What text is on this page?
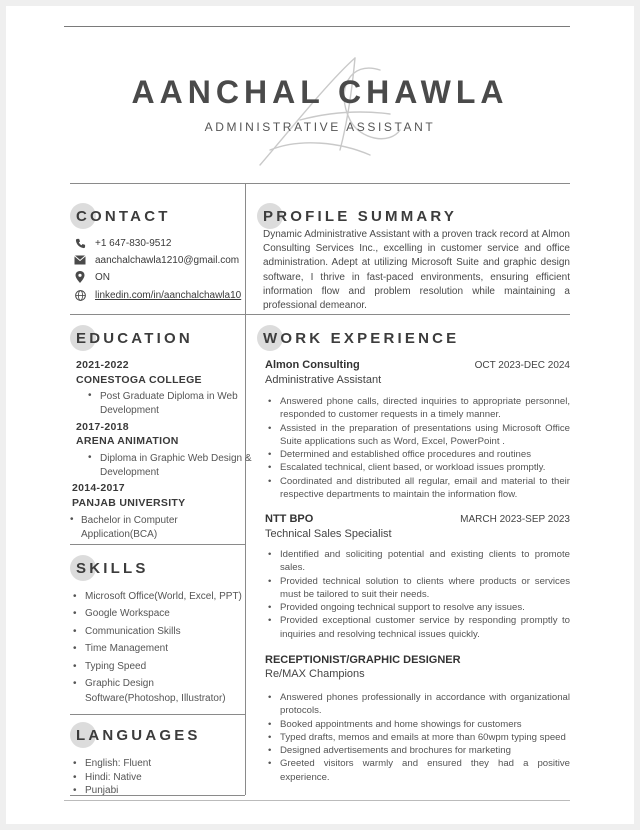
AANCHAL CHAWLA
ADMINISTRATIVE ASSISTANT
CONTACT
+1 647-830-9512
aanchalchawla1210@gmail.com
ON
linkedin.com/in/aanchalchawla10
EDUCATION
2021-2022
CONESTOGA COLLEGE
• Post Graduate Diploma in Web
Development
2017-2018
ARENA ANIMATION
• Diploma in Graphic Web Design &
Development
2014-2017
PANJAB UNIVERSITY
• Bachelor in Computer
Application(BCA)
SKILLS
• Microsoft Office(World, Excel, PPT)
• Google Workspace
• Communication Skills
• Time Management
• Typing Speed
• Graphic Design
Software(Photoshop, Illustrator)
LANGUAGES
• English: Fluent
• Hindi: Native
• Punjabi
PROFILE SUMMARY
Dynamic Administrative Assistant with a proven track record at Almon Consulting Services Inc., excelling in customer service and office administration. Adept at utilizing Microsoft Suite and graphic design software, I thrive in fast-paced environments, ensuring efficient information flow and problem resolution while maintaining a professional demeanor.
WORK EXPERIENCE
Almon Consulting	OCT 2023-DEC 2024
Administrative Assistant
• Answered phone calls, directed inquiries to appropriate personnel, responded to customer requests in a timely manner.
• Assisted in the preparation of presentations using Microsoft Office Suite applications such as Word, Excel, PowerPoint .
• Determined and established office procedures and routines
• Escalated technical, client based, or workload issues promptly.
• Coordinated and distributed all regular, email and material to their respective departments to maintain the information flow.
NTT BPO	MARCH 2023-SEP 2023
Technical Sales Specialist
• Identified and soliciting potential and existing clients to promote sales.
• Provided technical solution to clients where products or services must be tailored to suit their needs.
• Provided ongoing technical support to resolve any issues.
• Provided exceptional customer service by responding promptly to inquiries and resolving technical issues quickly.
RECEPTIONIST/GRAPHIC DESIGNER
Re/MAX Champions
• Answered phones professionally in accordance with organizational protocols.
• Booked appointments and home showings for customers
• Typed drafts, memos and emails at more than 60wpm typing speed
• Designed advertisements and brochures for marketing
• Greeted visitors warmly and ensured they had a positive experience.
